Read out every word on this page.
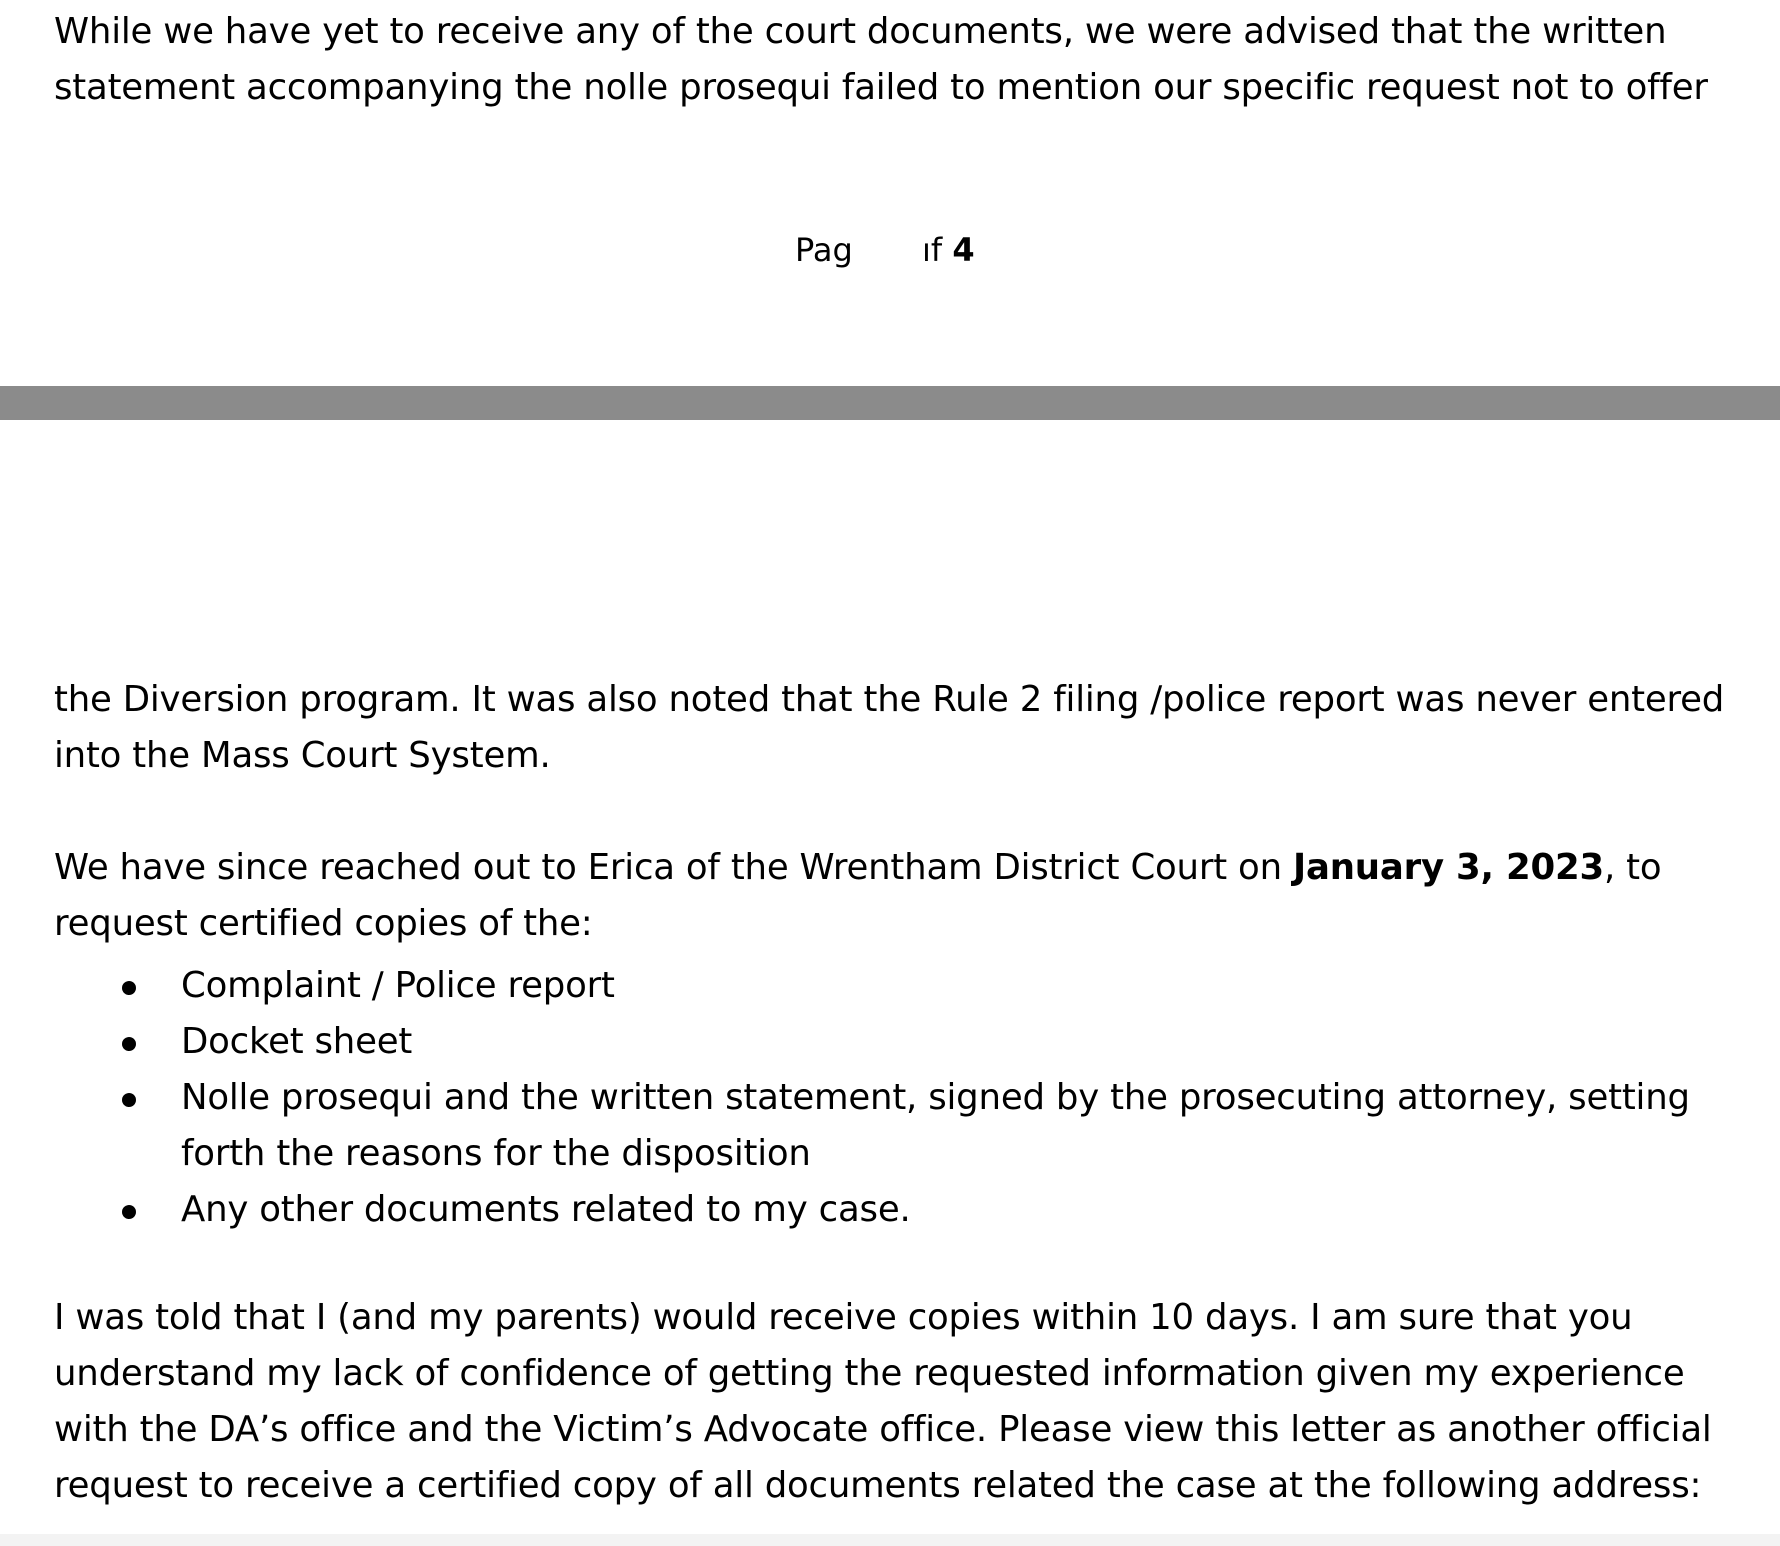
While we have yet to receive any of the court documents, we were advised that the written

statement accompanying the nolle prosequi failed to mention our specific request not to offer

Pag ıf 4

the Diversion program. It was also noted that the Rule 2 filing /police report was never entered

into the Mass Court System.

We have since reached out to Erica of the Wrentham District Court on January 3, 2023, to

request certified copies of the:

Complaint / Police report
Docket sheet
Nolle prosequi and the written statement, signed by the prosecuting attorney, setting
forth the reasons for the disposition
Any other documents related to my case.

I was told that I (and my parents) would receive copies within 10 days. I am sure that you

understand my lack of confidence of getting the requested information given my experience

with the DA’s office and the Victim’s Advocate office. Please view this letter as another official

request to receive a certified copy of all documents related the case at the following address:
